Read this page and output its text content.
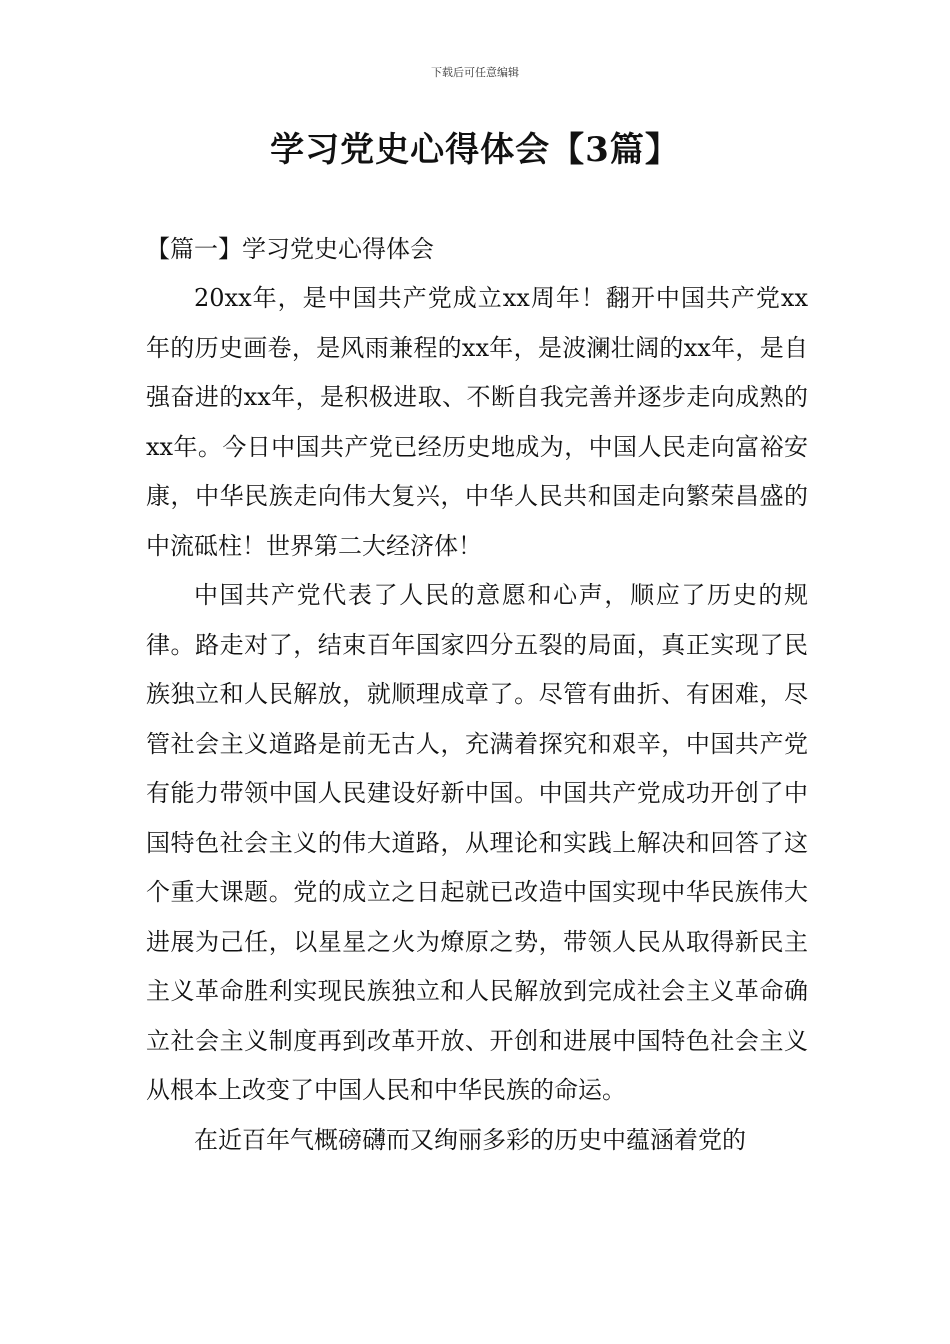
下载后可任意编辑
学习党史心得体会【3篇】

【篇一】学习党史心得体会

20xx年，是中国共产党成立xx周年！翻开中国共产党xx年的历史画卷，是风雨兼程的xx年，是波澜壮阔的xx年，是自强奋进的xx年，是积极进取、不断自我完善并逐步走向成熟的xx年。今日中国共产党已经历史地成为，中国人民走向富裕安康，中华民族走向伟大复兴，中华人民共和国走向繁荣昌盛的中流砥柱！世界第二大经济体！

中国共产党代表了人民的意愿和心声，顺应了历史的规律。路走对了，结束百年国家四分五裂的局面，真正实现了民族独立和人民解放，就顺理成章了。尽管有曲折、有困难，尽管社会主义道路是前无古人，充满着探究和艰辛，中国共产党有能力带领中国人民建设好新中国。中国共产党成功开创了中国特色社会主义的伟大道路，从理论和实践上解决和回答了这个重大课题。党的成立之日起就已改造中国实现中华民族伟大进展为己任，以星星之火为燎原之势，带领人民从取得新民主主义革命胜利实现民族独立和人民解放到完成社会主义革命确立社会主义制度再到改革开放、开创和进展中国特色社会主义从根本上改变了中国人民和中华民族的命运。

在近百年气概磅礴而又绚丽多彩的历史中蕴涵着党的
